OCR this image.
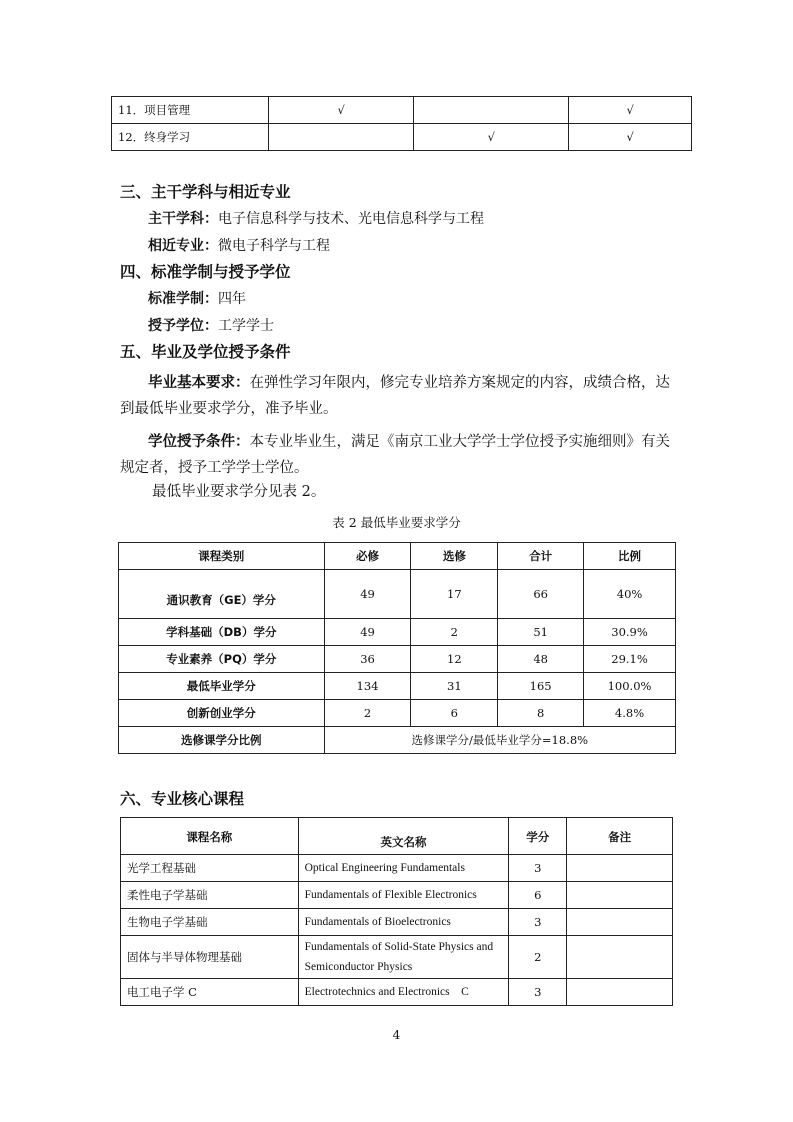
11．项目管理	√		√
12．终身学习		√	√
三、主干学科与相近专业
主干学科：电子信息科学与技术、光电信息科学与工程
相近专业：微电子科学与工程
四、标准学制与授予学位
标准学制：四年
授予学位：工学学士
五、毕业及学位授予条件
毕业基本要求：在弹性学习年限内，修完专业培养方案规定的内容，成绩合格，达到最低毕业要求学分，准予毕业。
学位授予条件：本专业毕业生，满足《南京工业大学学士学位授予实施细则》有关规定者，授予工学学士学位。
最低毕业要求学分见表 2。
表 2 最低毕业要求学分
课程类别	必修	选修	合计	比例
通识教育（GE）学分	49	17	66	40%
学科基础（DB）学分	49	2	51	30.9%
专业素养（PQ）学分	36	12	48	29.1%
最低毕业学分	134	31	165	100.0%
创新创业学分	2	6	8	4.8%
选修课学分比例	选修课学分/最低毕业学分=18.8%			
六、专业核心课程
课程名称	英文名称	学分	备注
光学工程基础	Optical Engineering Fundamentals	3	
柔性电子学基础	Fundamentals of Flexible Electronics	6	
生物电子学基础	Fundamentals of Bioelectronics	3	
固体与半导体物理基础	Fundamentals of Solid-State Physics and Semiconductor Physics	2	
电工电子学 C	Electrotechnics and Electronics　C	3	
4
